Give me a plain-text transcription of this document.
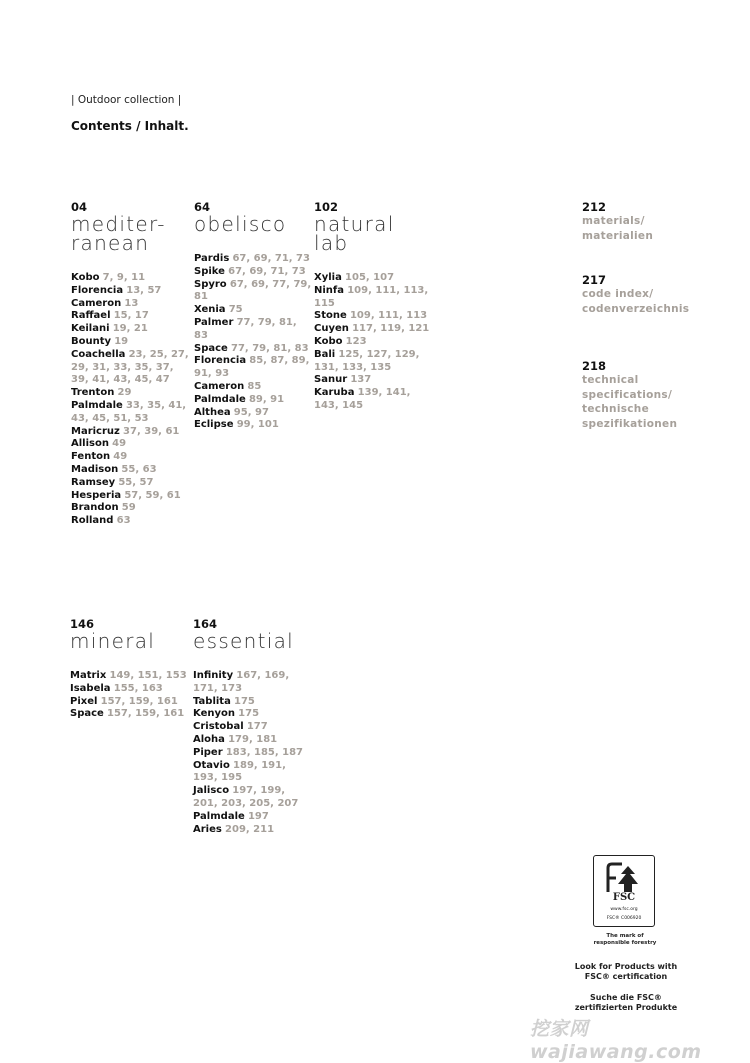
| Outdoor collection |
Contents / Inhalt.
04
mediter-
ranean
Kobo 7, 9, 11
Florencia 13, 57
Cameron 13
Raffael 15, 17
Keilani 19, 21
Bounty 19
Coachella 23, 25, 27, 29, 31, 33, 35, 37, 39, 41, 43, 45, 47
Trenton 29
Palmdale 33, 35, 41, 43, 45, 51, 53
Maricruz 37, 39, 61
Allison 49
Fenton 49
Madison 55, 63
Ramsey 55, 57
Hesperia 57, 59, 61
Brandon 59
Rolland 63
64
obelisco
Pardis 67, 69, 71, 73
Spike 67, 69, 71, 73
Spyro 67, 69, 77, 79, 81
Xenia 75
Palmer 77, 79, 81, 83
Space 77, 79, 81, 83
Florencia 85, 87, 89, 91, 93
Cameron 85
Palmdale 89, 91
Althea 95, 97
Eclipse 99, 101
102
natural
lab
Xylia 105, 107
Ninfa 109, 111, 113, 115
Stone 109, 111, 113
Cuyen 117, 119, 121
Kobo 123
Bali 125, 127, 129, 131, 133, 135
Sanur 137
Karuba 139, 141, 143, 145
146
mineral
Matrix 149, 151, 153
Isabela 155, 163
Pixel 157, 159, 161
Space 157, 159, 161
164
essential
Infinity 167, 169, 171, 173
Tablita 175
Kenyon 175
Cristobal 177
Aloha 179, 181
Piper 183, 185, 187
Otavio 189, 191, 193, 195
Jalisco 197, 199, 201, 203, 205, 207
Palmdale 197
Aries 209, 211
212
materials/
materialien
217
code index/
codenverzeichnis
218
technical
specifications/
technische
spezifikationen
FSC
www.fsc.org
FSC® C006920
The mark of
responsible forestry
Look for Products with
FSC® certification
Suche die FSC®
zertifizierten Produkte
挖家网 wajiawang.com
